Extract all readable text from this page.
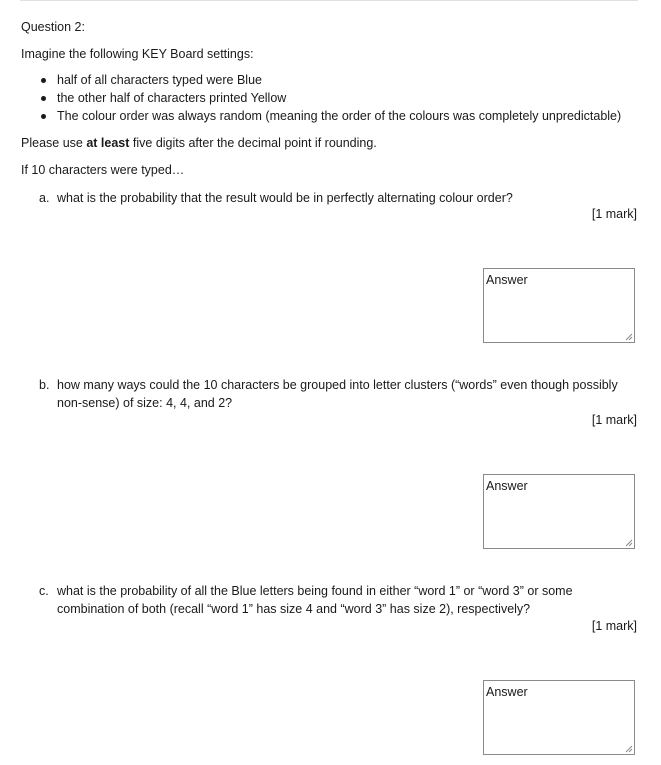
Question 2:
Imagine the following KEY Board settings:
half of all characters typed were Blue
the other half of characters printed Yellow
The colour order was always random (meaning the order of the colours was completely unpredictable)
Please use at least five digits after the decimal point if rounding.
If 10 characters were typed…
a. what is the probability that the result would be in perfectly alternating colour order?
[1 mark]
Answer
b. how many ways could the 10 characters be grouped into letter clusters (“words” even though possibly
non-sense) of size: 4, 4, and 2?
[1 mark]
Answer
c. what is the probability of all the Blue letters being found in either “word 1” or “word 3” or some
combination of both (recall “word 1” has size 4 and “word 3” has size 2), respectively?
[1 mark]
Answer
